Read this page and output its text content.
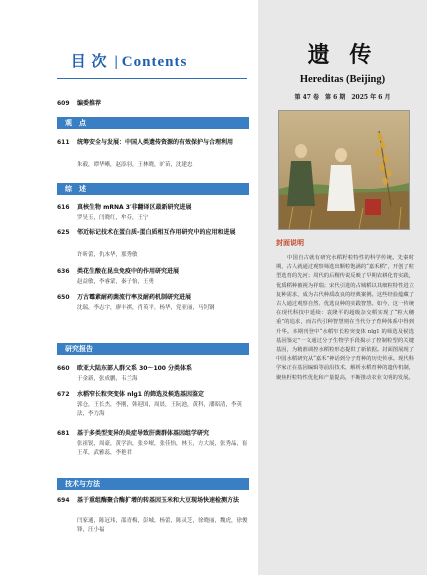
目 次 | Contents
609	编委推荐
观　点
611	统筹安全与发展：中国人类遗传资源的有效保护与合理利用
朱毅，谭华晰，赵添羽，王林晓，旷苗，沈建忠
综　述
616	真核生物 mRNA 3′非翻译区最新研究进展
罗昊玉，闫晓红，牟芬，王宁
625	邻近标记技术在蛋白质-蛋白质相互作用研究中的应用和进展
许昕蕾，仇本华，那秀敏
636	类花生酸在昆虫免疫中的作用研究进展
赵益敏，李睿蒙，秦子怡，王勇
650	万古霉素耐药菌流行率及耐药机制研究进展
沈瑞，李志宇，廖丰祺，肖英平，杨华，党亚丽，马钊钢
研究报告
660	欧亚大陆东部人群父系 30～100 分类体系
于金新，张成鹏，韦兰海
672	水稻窄长粒突变体 nlg1 的筛选及候选基因鉴定
郭仓，王长杰，李刚，韩迎国，周晨，王阮池，黄科，潘昭清，李英法，李力海
681	基于多类型变异的炎症导致肝菌群体基因组学研究
张祖锐，周豪，黄学治，张乡岷，张佳怡，林玉，方大展，张秀晶，崔王革，武雅蕊，李艳君
技术与方法
694	基于重组酶聚合酶扩增的转基因玉米和大豆现场快速检测方法
闫家通，陈冠玮，邵青梅，彭城，杨蕾，陈灵芝，徐晓丽，魏虎，徐俊锋，汪小福
遗 传
Hereditas (Beijing)
第 47 卷　第 6 期　2025 年 6 月
封面说明
中国自古就有研究水稻籽粒特性的科学传统。先秦时期，古人就通过观察筛选出颗粒饱满的“嘉禾稻”，开创了粒型选育的先河；周代的后稷传说反映了早期农耕化育实践，优质稻种被视为祥瑞；宋代引进的占城稻以其细粒特性进立复种需求，成为古代种质改良的经典案例。这些经验蕴藏了古人通过观察自然、优选良种的实践智慧。如今，这一传统在现代科技中延续：袁隆平的超级杂交稻实现了“粒大穗重”的追求，而古代引种智慧则在当代分子育种体系中得到升华。本期刊登中“水稻窄长粒突变体 nlg1 的筛选及候选基因鉴定”一文通过分子生物学手段揭示了控制粒型的关键基因，为精准调控水稻粒形态提供了新依据。封面图展现了中国水稻研究从“嘉禾”神话到分子育种的历史传承。现代科学家正在基因编辑等前沿技术，解析水稻育种的遗传机制，聚焦籽粒特性优化和产量提高，不断推动农业文明的发展。
